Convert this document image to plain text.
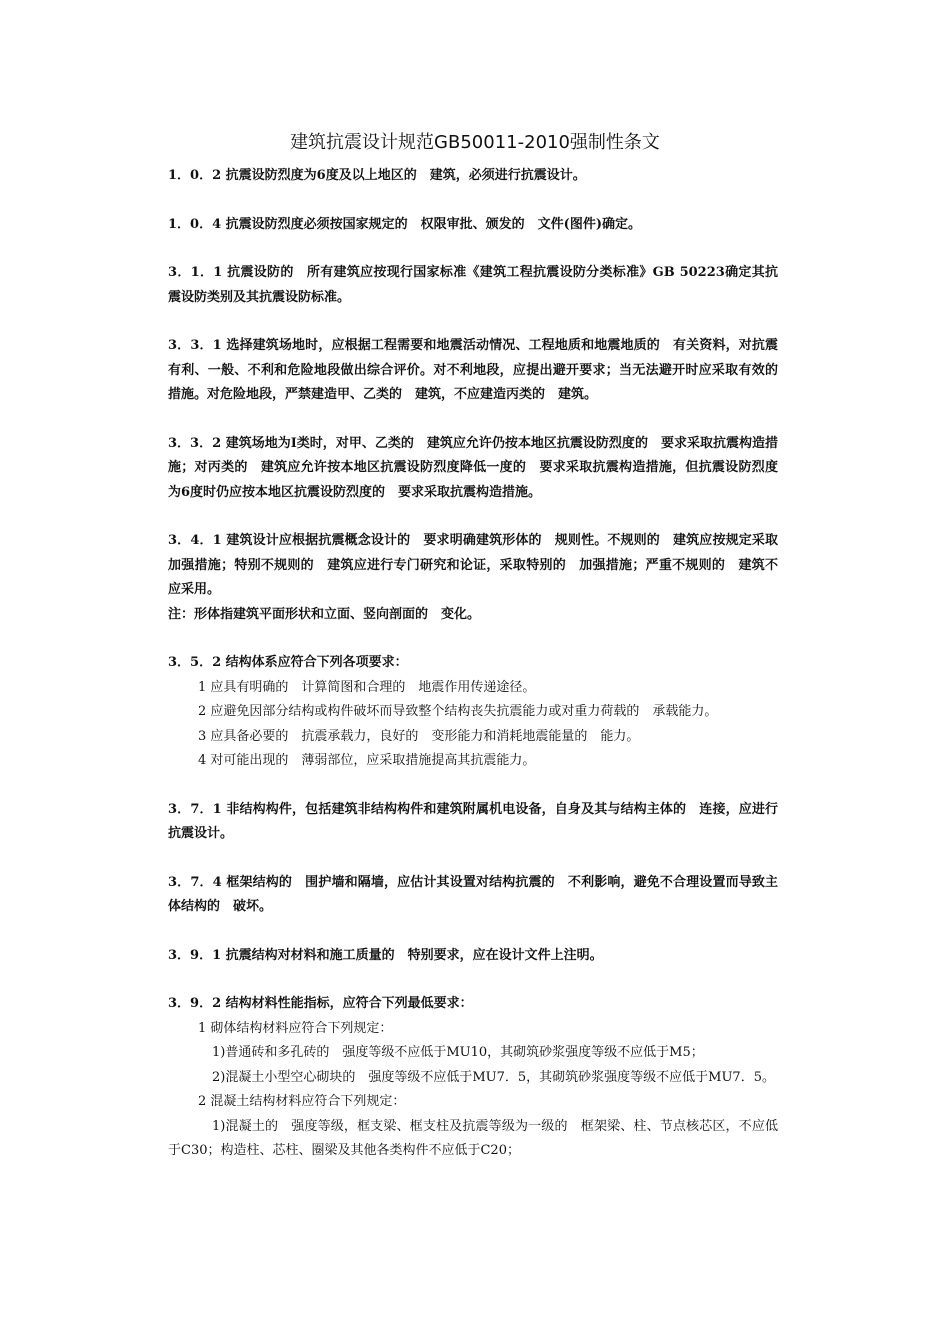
建筑抗震设计规范GB50011-2010强制性条文

1．0．2 抗震设防烈度为6度及以上地区的　建筑，必须进行抗震设计。

1．0．4 抗震设防烈度必须按国家规定的　权限审批、颁发的　文件(图件)确定。

3．1．1 抗震设防的　所有建筑应按现行国家标准《建筑工程抗震设防分类标准》GB 50223确定其抗震设防类别及其抗震设防标准。

3．3．1 选择建筑场地时，应根据工程需要和地震活动情况、工程地质和地震地质的　有关资料，对抗震有利、一般、不利和危险地段做出综合评价。对不利地段，应提出避开要求；当无法避开时应采取有效的　措施。对危险地段，严禁建造甲、乙类的　建筑，不应建造丙类的　建筑。

3．3．2 建筑场地为Ⅰ类时，对甲、乙类的　建筑应允许仍按本地区抗震设防烈度的　要求采取抗震构造措施；对丙类的　建筑应允许按本地区抗震设防烈度降低一度的　要求采取抗震构造措施，但抗震设防烈度为6度时仍应按本地区抗震设防烈度的　要求采取抗震构造措施。

3．4．1 建筑设计应根据抗震概念设计的　要求明确建筑形体的　规则性。不规则的　建筑应按规定采取加强措施；特别不规则的　建筑应进行专门研究和论证，采取特别的　加强措施；严重不规则的　建筑不应采用。

注：形体指建筑平面形状和立面、竖向剖面的　变化。

3．5．2 结构体系应符合下列各项要求：

1 应具有明确的　计算简图和合理的　地震作用传递途径。

2 应避免因部分结构或构件破坏而导致整个结构丧失抗震能力或对重力荷载的　承载能力。

3 应具备必要的　抗震承载力，良好的　变形能力和消耗地震能量的　能力。

4 对可能出现的　薄弱部位，应采取措施提高其抗震能力。

3．7．1 非结构构件，包括建筑非结构构件和建筑附属机电设备，自身及其与结构主体的　连接，应进行抗震设计。

3．7．4 框架结构的　围护墙和隔墙，应估计其设置对结构抗震的　不利影响，避免不合理设置而导致主体结构的　破坏。

3．9．1 抗震结构对材料和施工质量的　特别要求，应在设计文件上注明。

3．9．2 结构材料性能指标，应符合下列最低要求：

1 砌体结构材料应符合下列规定：

1)普通砖和多孔砖的　强度等级不应低于MU10，其砌筑砂浆强度等级不应低于M5；

2)混凝土小型空心砌块的　强度等级不应低于MU7．5，其砌筑砂浆强度等级不应低于MU7．5。

2 混凝土结构材料应符合下列规定：

1)混凝土的　强度等级，框支梁、框支柱及抗震等级为一级的　框架梁、柱、节点核芯区，不应低于C30；构造柱、芯柱、圈梁及其他各类构件不应低于C20；
